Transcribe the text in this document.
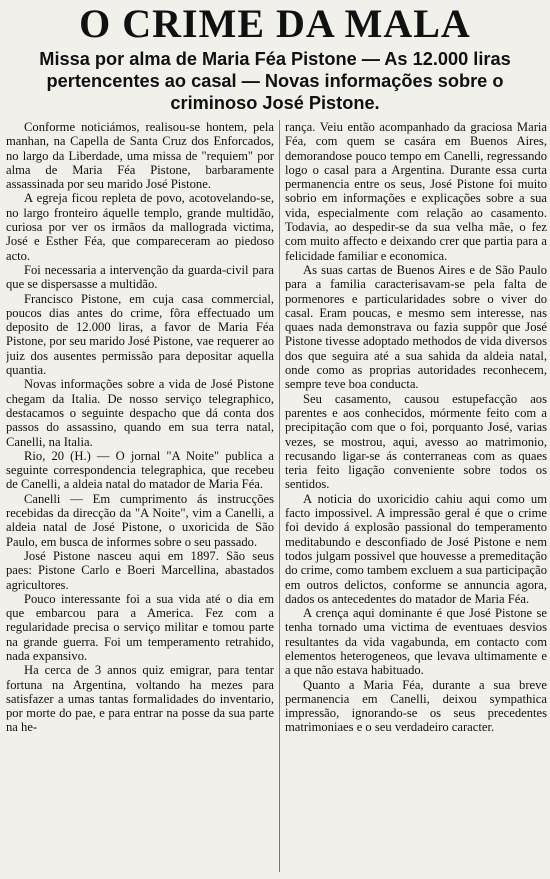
O CRIME DA MALA
Missa por alma de Maria Féa Pistone — As 12.000 liras pertencentes ao casal — Novas informações sobre o criminoso José Pistone.

Conforme noticiámos, realisou-se hontem, pela manhan, na Capella de Santa Cruz dos Enforcados, no largo da Liberdade, uma missa de "requiem" por alma de Maria Féa Pistone, barbaramente assassinada por seu marido José Pistone.

A egreja ficou repleta de povo, acotovelando-se, no largo fronteiro áquelle templo, grande multidão, curiosa por ver os irmãos da mallograda victima, José e Esther Féa, que compareceram ao piedoso acto.

Foi necessaria a intervenção da guarda-civil para que se dispersasse a multidão.

Francisco Pistone, em cuja casa commercial, poucos dias antes do crime, fôra effectuado um deposito de 12.000 liras, a favor de Maria Féa Pistone, por seu marido José Pistone, vae requerer ao juiz dos ausentes permissão para depositar aquella quantia.

Novas informações sobre a vida de José Pistone chegam da Italia. De nosso serviço telegraphico, destacamos o seguinte despacho que dá conta dos passos do assassino, quando em sua terra natal, Canelli, na Italia.

Rio, 20 (H.) — O jornal "A Noite" publica a seguinte correspondencia telegraphica, que recebeu de Canelli, a aldeia natal do matador de Maria Féa.

Canelli — Em cumprimento ás instrucções recebidas da direcção da "A Noite", vim a Canelli, a aldeia natal de José Pistone, o uxoricida de São Paulo, em busca de informes sobre o seu passado.

José Pistone nasceu aqui em 1897. São seus paes: Pistone Carlo e Boeri Marcellina, abastados agricultores.

Pouco interessante foi a sua vida até o dia em que embarcou para a America. Fez com a regularidade precisa o serviço militar e tomou parte na grande guerra. Foi um temperamento retrahido, nada expansivo.

Ha cerca de 3 annos quiz emigrar, para tentar fortuna na Argentina, voltando ha mezes para satisfazer a umas tantas formalidades do inventario, por morte do pae, e para entrar na posse da sua parte na he-

rança. Veiu então acompanhado da graciosa Maria Féa, com quem se casára em Buenos Aires, demorandose pouco tempo em Canelli, regressando logo o casal para a Argentina. Durante essa curta permanencia entre os seus, José Pistone foi muito sobrio em informações e explicações sobre a sua vida, especialmente com relação ao casamento. Todavia, ao despedir-se da sua velha mãe, o fez com muito affecto e deixando crer que partia para a felicidade familiar e economica.

As suas cartas de Buenos Aires e de São Paulo para a familia caracterisavam-se pela falta de pormenores e particularidades sobre o viver do casal. Eram poucas, e mesmo sem interesse, nas quaes nada demonstrava ou fazia suppôr que José Pistone tivesse adoptado methodos de vida diversos dos que seguira até a sua sahida da aldeia natal, onde como as proprias autoridades reconhecem, sempre teve boa conducta.

Seu casamento, causou estupefacção aos parentes e aos conhecidos, mórmente feito com a precipitação com que o foi, porquanto José, varias vezes, se mostrou, aqui, avesso ao matrimonio, recusando ligar-se ás conterraneas com as quaes teria feito ligação conveniente sobre todos os sentidos.

A noticia do uxoricidio cahiu aqui como um facto impossivel. A impressão geral é que o crime foi devido á explosão passional do temperamento meditabundo e desconfiado de José Pistone e nem todos julgam possivel que houvesse a premeditação do crime, como tambem excluem a sua participação em outros delictos, conforme se annuncia agora, dados os antecedentes do matador de Maria Féa.

A crença aqui dominante é que José Pistone se tenha tornado uma victima de eventuaes desvios resultantes da vida vagabunda, em contacto com elementos heterogeneos, que levava ultimamente e a que não estava habituado.

Quanto a Maria Féa, durante a sua breve permanencia em Canelli, deixou sympathica impressão, ignorando-se os seus precedentes matrimoniaes e o seu verdadeiro caracter.
